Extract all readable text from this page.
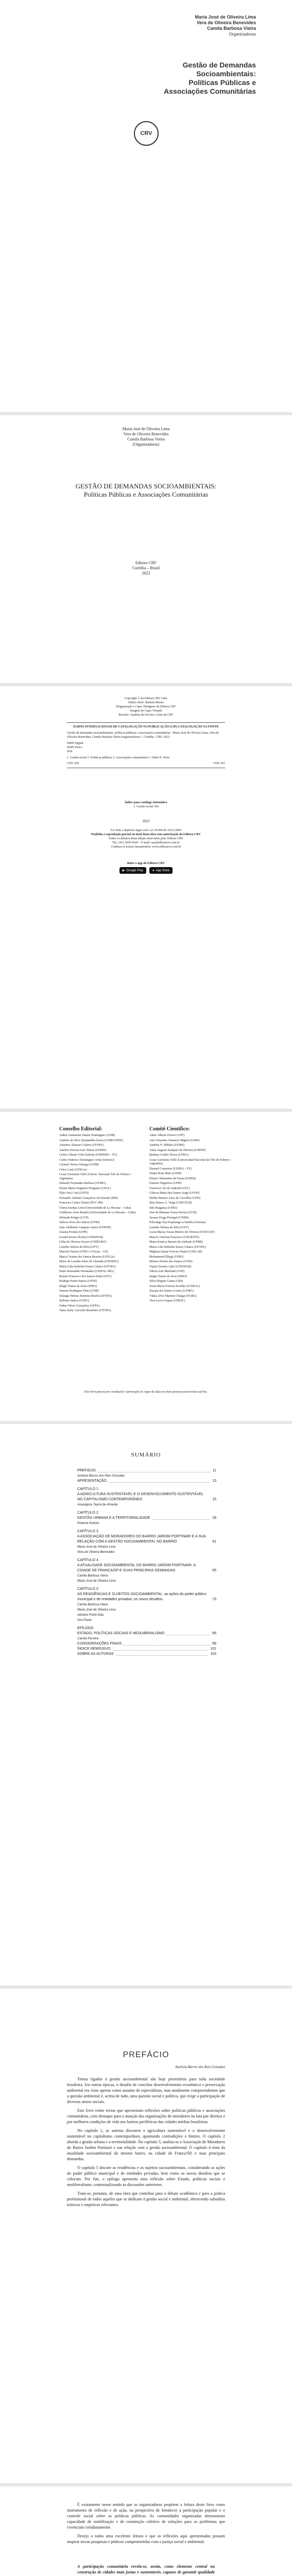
Maria José de Oliveira Lima
Vera de Oliveira Benevides
Camila Barbosa Vieira
Organizadoras
Gestão de Demandas
Socioambientais:
Políticas Públicas e
Associações Comunitárias
CRV
Maria José de Oliveira Lima
Vera de Oliveira Benevides
Camila Barbosa Vieira
(Organizadoras)
GESTÃO DE DEMANDAS SOCIOAMBIENTAIS: Políticas Públicas e Associações Comunitárias
Editora CRV
Curitiba – Brasil
2022
Copyright © da Editora CRV Ltda.
Editor-chefe: Railson Moura
Diagramação e Capa: Designers da Editora CRV
Imagem de Capa: Freepik
Revisão: Analista de Escrita e Artes da CRV
DADOS INTERNACIONAIS DE CATALOGAÇÃO NA PUBLICAÇÃO (CIP) CATALOGAÇÃO NA FONTE
Gestão de demandas socioambientais: políticas públicas e associações comunitárias / Maria José de Oliveira Lima, Vera de Oliveira Benevides, Camila Barbosa Vieira (organizadoras) – Curitiba : CRV, 2022.
ISBN Digital
ISBN Físico
DOI
1. Gestão social 2. Políticas públicas 3. Associações comunitárias I. Título II. Série
CDU 304	CDD 361
Índice para catálogo sistemático
1. Gestão social 304
2022
Foi feito o depósito legal conf. Lei 10.994 de 14/12/2004
Proibida a reprodução parcial ou total desta obra sem autorização da Editora CRV
Todos os direitos desta edição reservados pela: Editora CRV
Tel.: (41) 3039-6418 – E-mail: sac@editoracrv.com.br
Conheça os nossos lançamentos: www.editoracrv.com.br
Baixe o app da Editora CRV
▶ Google Play	● App Store
Conselho Editorial:

Aldira Guimarães Duarte Domínguez (UNB)

Andréia da Silva Quintanilha Sousa (UNIR/UFRN)

Anselmo Alencar Colares (UFOPA)

Antônio Pereira Gaio Júnior (UFRRJ)

Carlos Alberto Vilar Estêvão (UMINHO – PT)

Carlos Federico Domínguez Avila (Unieuro)

Carmen Tereza Velanga (UNIR)

Celso Conti (UFSCar)

Cesar Gerónimo Tello (Univer .Nacional Três de Febrero – Argentina)

Eduardo Fernandes Barbosa (UFMG)

Elione Maria Nogueira Diogenes (UFAL)

Élsio José Corá (UFFS)

Fernando Antônio Gonçalves Alcoforado (IPB)

Francisco Carlos Duarte (PUC-PR)

Gloria Fariñas León (Universidade de La Havana – Cuba)

Guillermo Arias Beatón (Universidade de La Havana – Cuba)

Helmuth Krüger (UCP)

Jailson Alves dos Santos (UFRJ)

João Adalberto Campato Junior (UNESP)

Josania Portela (UFPI)

Leonel Severo Rocha (UNISINOS)

Lídia de Oliveira Xavier (UNIEURO)

Lourdes Helena da Silva (UFV)

Marcelo Paixão (UFRJ e UTexas – US)

Maria Cristina dos Santos Bezerra (UFSCar)

Maria de Lourdes Pinto de Almeida (UNOESC)

Maria Lília Imbiriba Sousa Colares (UFOPA)

Paulo Romualdo Hernandes (UNIFAL-MG)

Renato Francisco dos Santos Paula (UFG)

Rodrigo Pratte-Santos (UFES)

Sérgio Nunes de Jesus (IFRO)

Simone Rodrigues Pinto (UNB)

Solange Helena Ximenes-Rocha (UFOPA)

Sydione Santos (UEPG)

Tadeu Oliver Gonçalves (UFPA)

Tania Suely Azevedo Brasileiro (UFOPA)

Comitê Científico:

Altair Alberto Fávero (UPF)

Ana Chrystina Venancio Mignot (UERJ)

Andréia N. Militão (UEMS)

Anna Augusta Sampaio de Oliveira (UNESP)

Barbara Coelho Neves (UFBA)

Cesar Gerónimo Tello (Universidad Nacional de Três de Febrero – Argentina)

Diosnel Centurion (UNIDA – PY)

Eliane Rose Maio (UEM)

Elizeu Clementino de Souza (UNEB)

Fauston Negreiros (UFPI)

Francisco Ari de Andrade (UFC)

Gláucia Maria dos Santos Jorge (UFOP)

Helder Buenos Aires de Carvalho (UFPI)

Ilma Passos A. Veiga (UNICEUB)

Inês Bragança (UERJ)

José de Ribamar Sousa Pereira (UCB)

Jussara Fraga Portugal (UNEB)

Kilwangy Kya Kapitango-a-Samba (Unemat)

Lourdes Helena da Silva (UFV)

Lucia Marisy Souza Ribeiro de Oliveira (UNIVASF)

Marcos Vinicius Francisco (UNOESTE)

Maria Eurácia Barreto de Andrade (UFRB)

Maria Lília Imbiriba Sousa Colares (UFOPA)

Míghian Danae Ferreira Nunes (UNILAB)

Mohammed Elhajji (UFRJ)

Mônica Pereira dos Santos (UFRJ)

Najela Tavares Ujiie (UNESPAR)

Nilson José Machado (USP)

Sérgio Nunes de Jesus (IFRO)

Silvia Regina Canan (URI)

Sonia Maria Ferreira Koehler (UNISAL)

Suzana dos Santos Gomes (UFMG)

Vânia Alves Martins Chaigar (FURG)

Vera Lucia Gaspar (UDESC)

Este livro passou por avaliação e aprovação às cegas de duas ou mais pessoas pareceristas ad hoc.
SUMÁRIO
PREFÁCIO	11
Anelisia Barros dos Reis Gonzalez
APRESENTAÇÃO	13
CAPÍTULO 1
A AGRICULTURA SUSTENTÁVEL E O DESENVOLVIMENTO SUSTENTÁVEL NO CAPITALISMO CONTEMPORÂNEO	15
Anaxágora Tayná de Almeida
CAPÍTULO 2
GESTÃO URBANA E A TERRITORIALIDADE	29
Roberta Kubota
CAPÍTULO 3
A ASSOCIAÇÃO DE MORADORES DO BAIRRO JARDIM PORTINARI E A SUA RELAÇÃO COM A GESTÃO SOCIOAMBIENTAL NO BAIRRO	41
Maria José de Oliveira Lima
Vera de Oliveira Benevides
CAPÍTULO 4
A ATUALIDADE SOCIOAMBIENTAL DO BAIRRO JARDIM PORTINARI: A CIDADE DE FRANCA/SP E SUAS PRINCIPAIS DEMANDAS	55
Camila Barbosa Vieira
Maria José de Oliveira Lima
CAPÍTULO 5
AS RESIDÊNCIAS E SUJEITOS SOCIOAMBIENTAL: as ações do poder público municipal e de entidades privadas: os novos desafios	73
Camila Barbosa Vieira
Maria José de Oliveira Lima
Adriana Freire Dias
Ana Paula
EPÍLOGO
ESTADO, POLÍTICAS SOCIAIS E NEOLIBERALISMO	85
Camila Ferreira
CONSIDERAÇÕES FINAIS	99
ÍNDICE REMISSIVO	101
SOBRE AS AUTORAS	103
PREFÁCIO
Anelisia Barros dos Reis Gonzalez

Temas ligados à gestão socioambiental são hoje prioritários para toda sociedade brasileira. Em outras épocas, o desafio de conciliar desenvolvimento econômico e preservação ambiental era visto apenas como assunto de especialistas, mas atualmente compreendemos que a questão ambiental é, acima de tudo, uma questão social e política, que exige a participação de diversos atores sociais.

Este livro reúne textos que apresentam reflexões sobre políticas públicas e associações comunitárias, com destaque para a atuação das organizações de moradores na luta por direitos e por melhores condições de vida nos bairros periféricos das cidades médias brasileiras.

No capítulo 1, as autoras discutem a agricultura sustentável e o desenvolvimento sustentável no capitalismo contemporâneo, apontando contradições e limites. O capítulo 2 aborda a gestão urbana e a territorialidade. No capítulo 3, analisa-se a Associação de Moradores do Bairro Jardim Portinari e sua relação com a gestão socioambiental. O capítulo 4 trata da atualidade socioambiental do mesmo bairro, na cidade de Franca/SP, e suas principais demandas.

O capítulo 5 discute as residências e os sujeitos socioambientais, considerando as ações do poder público municipal e de entidades privadas, bem como os novos desafios que se colocam. Por fim, o epílogo apresenta uma reflexão sobre Estado, políticas sociais e neoliberalismo, contextualizando as discussões anteriores.

Trata-se, portanto, de uma obra que contribui para o debate acadêmico e para a prática profissional de todos aqueles que se dedicam à gestão social e ambiental, oferecendo subsídios teóricos e empíricos relevantes.

É exatamente nesse sentido que as organizadoras propõem a leitura deste livro como instrumento de reflexão e de ação, na perspectiva de fortalecer a participação popular e o controle social sobre as políticas públicas. As comunidades organizadas demonstram capacidade de mobilização e de construção coletiva de soluções para os problemas que vivenciam cotidianamente.

Desejo a todos uma excelente leitura e que as reflexões aqui apresentadas possam inspirar novas pesquisas e práticas comprometidas com a justiça social e ambiental.

A participação comunitária revela-se, assim, como elemento central na construção de cidades mais justas e sustentáveis, capazes de garantir qualidade
